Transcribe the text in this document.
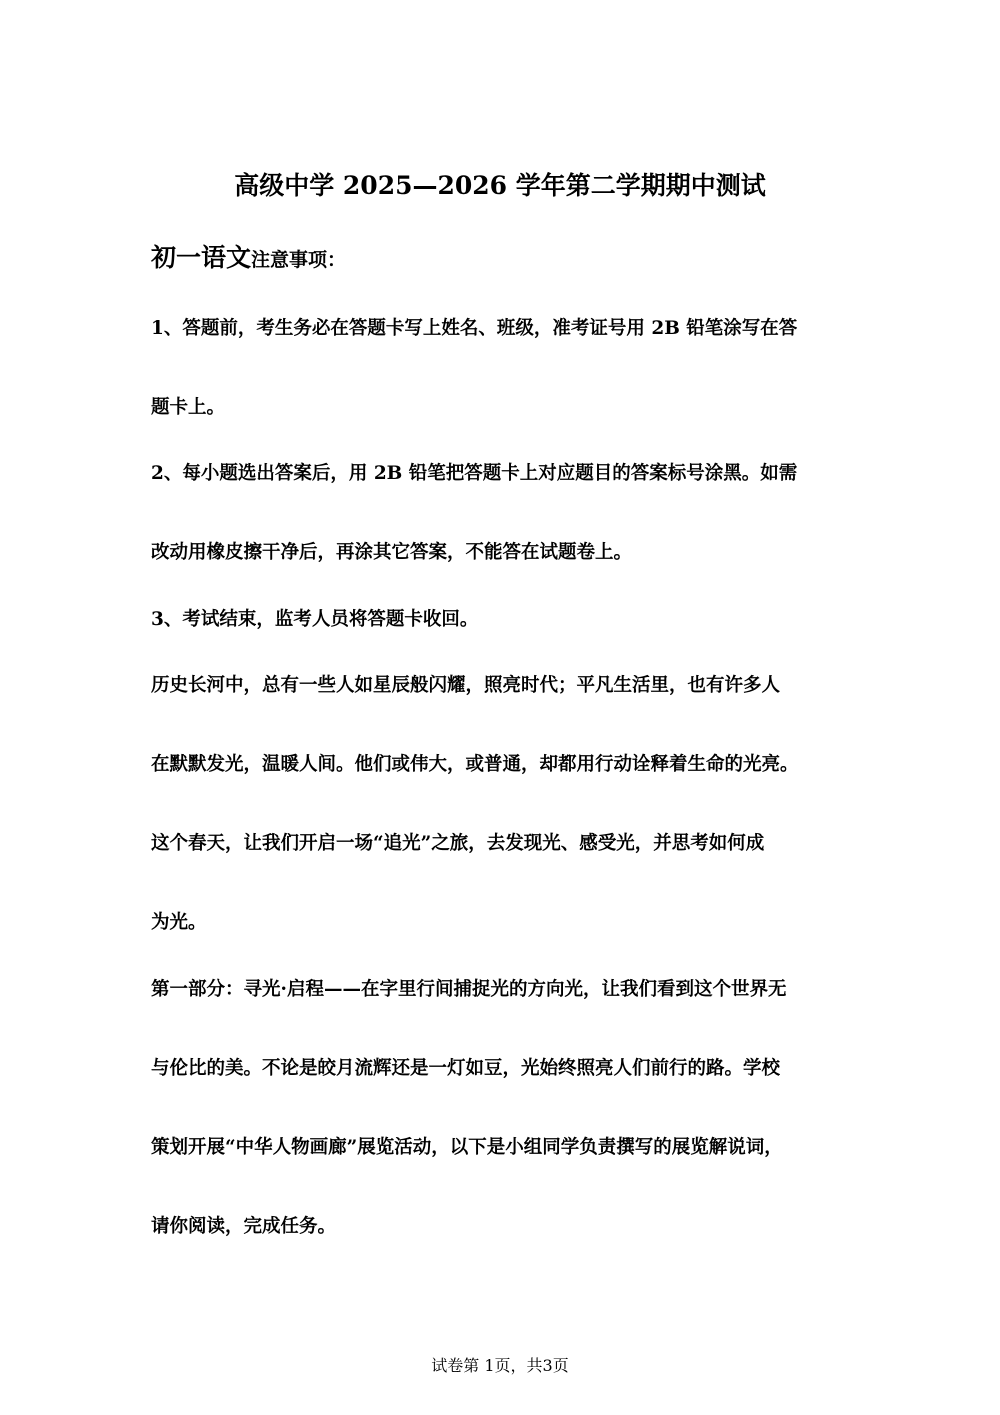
高级中学 2025—2026 学年第二学期期中测试
初一语文注意事项：
1、答题前，考生务必在答题卡写上姓名、班级，准考证号用 2B 铅笔涂写在答
题卡上。
2、每小题选出答案后，用 2B 铅笔把答题卡上对应题目的答案标号涂黑。如需
改动用橡皮擦干净后，再涂其它答案，不能答在试题卷上。
3、考试结束，监考人员将答题卡收回。
历史长河中，总有一些人如星辰般闪耀，照亮时代；平凡生活里，也有许多人
在默默发光，温暖人间。他们或伟大，或普通，却都用行动诠释着生命的光亮。
这个春天，让我们开启一场“追光”之旅，去发现光、感受光，并思考如何成
为光。
第一部分：寻光·启程——在字里行间捕捉光的方向光，让我们看到这个世界无
与伦比的美。不论是皎月流辉还是一灯如豆，光始终照亮人们前行的路。学校
策划开展“中华人物画廊”展览活动，以下是小组同学负责撰写的展览解说词，
请你阅读，完成任务。
试卷第 1页，共3页
